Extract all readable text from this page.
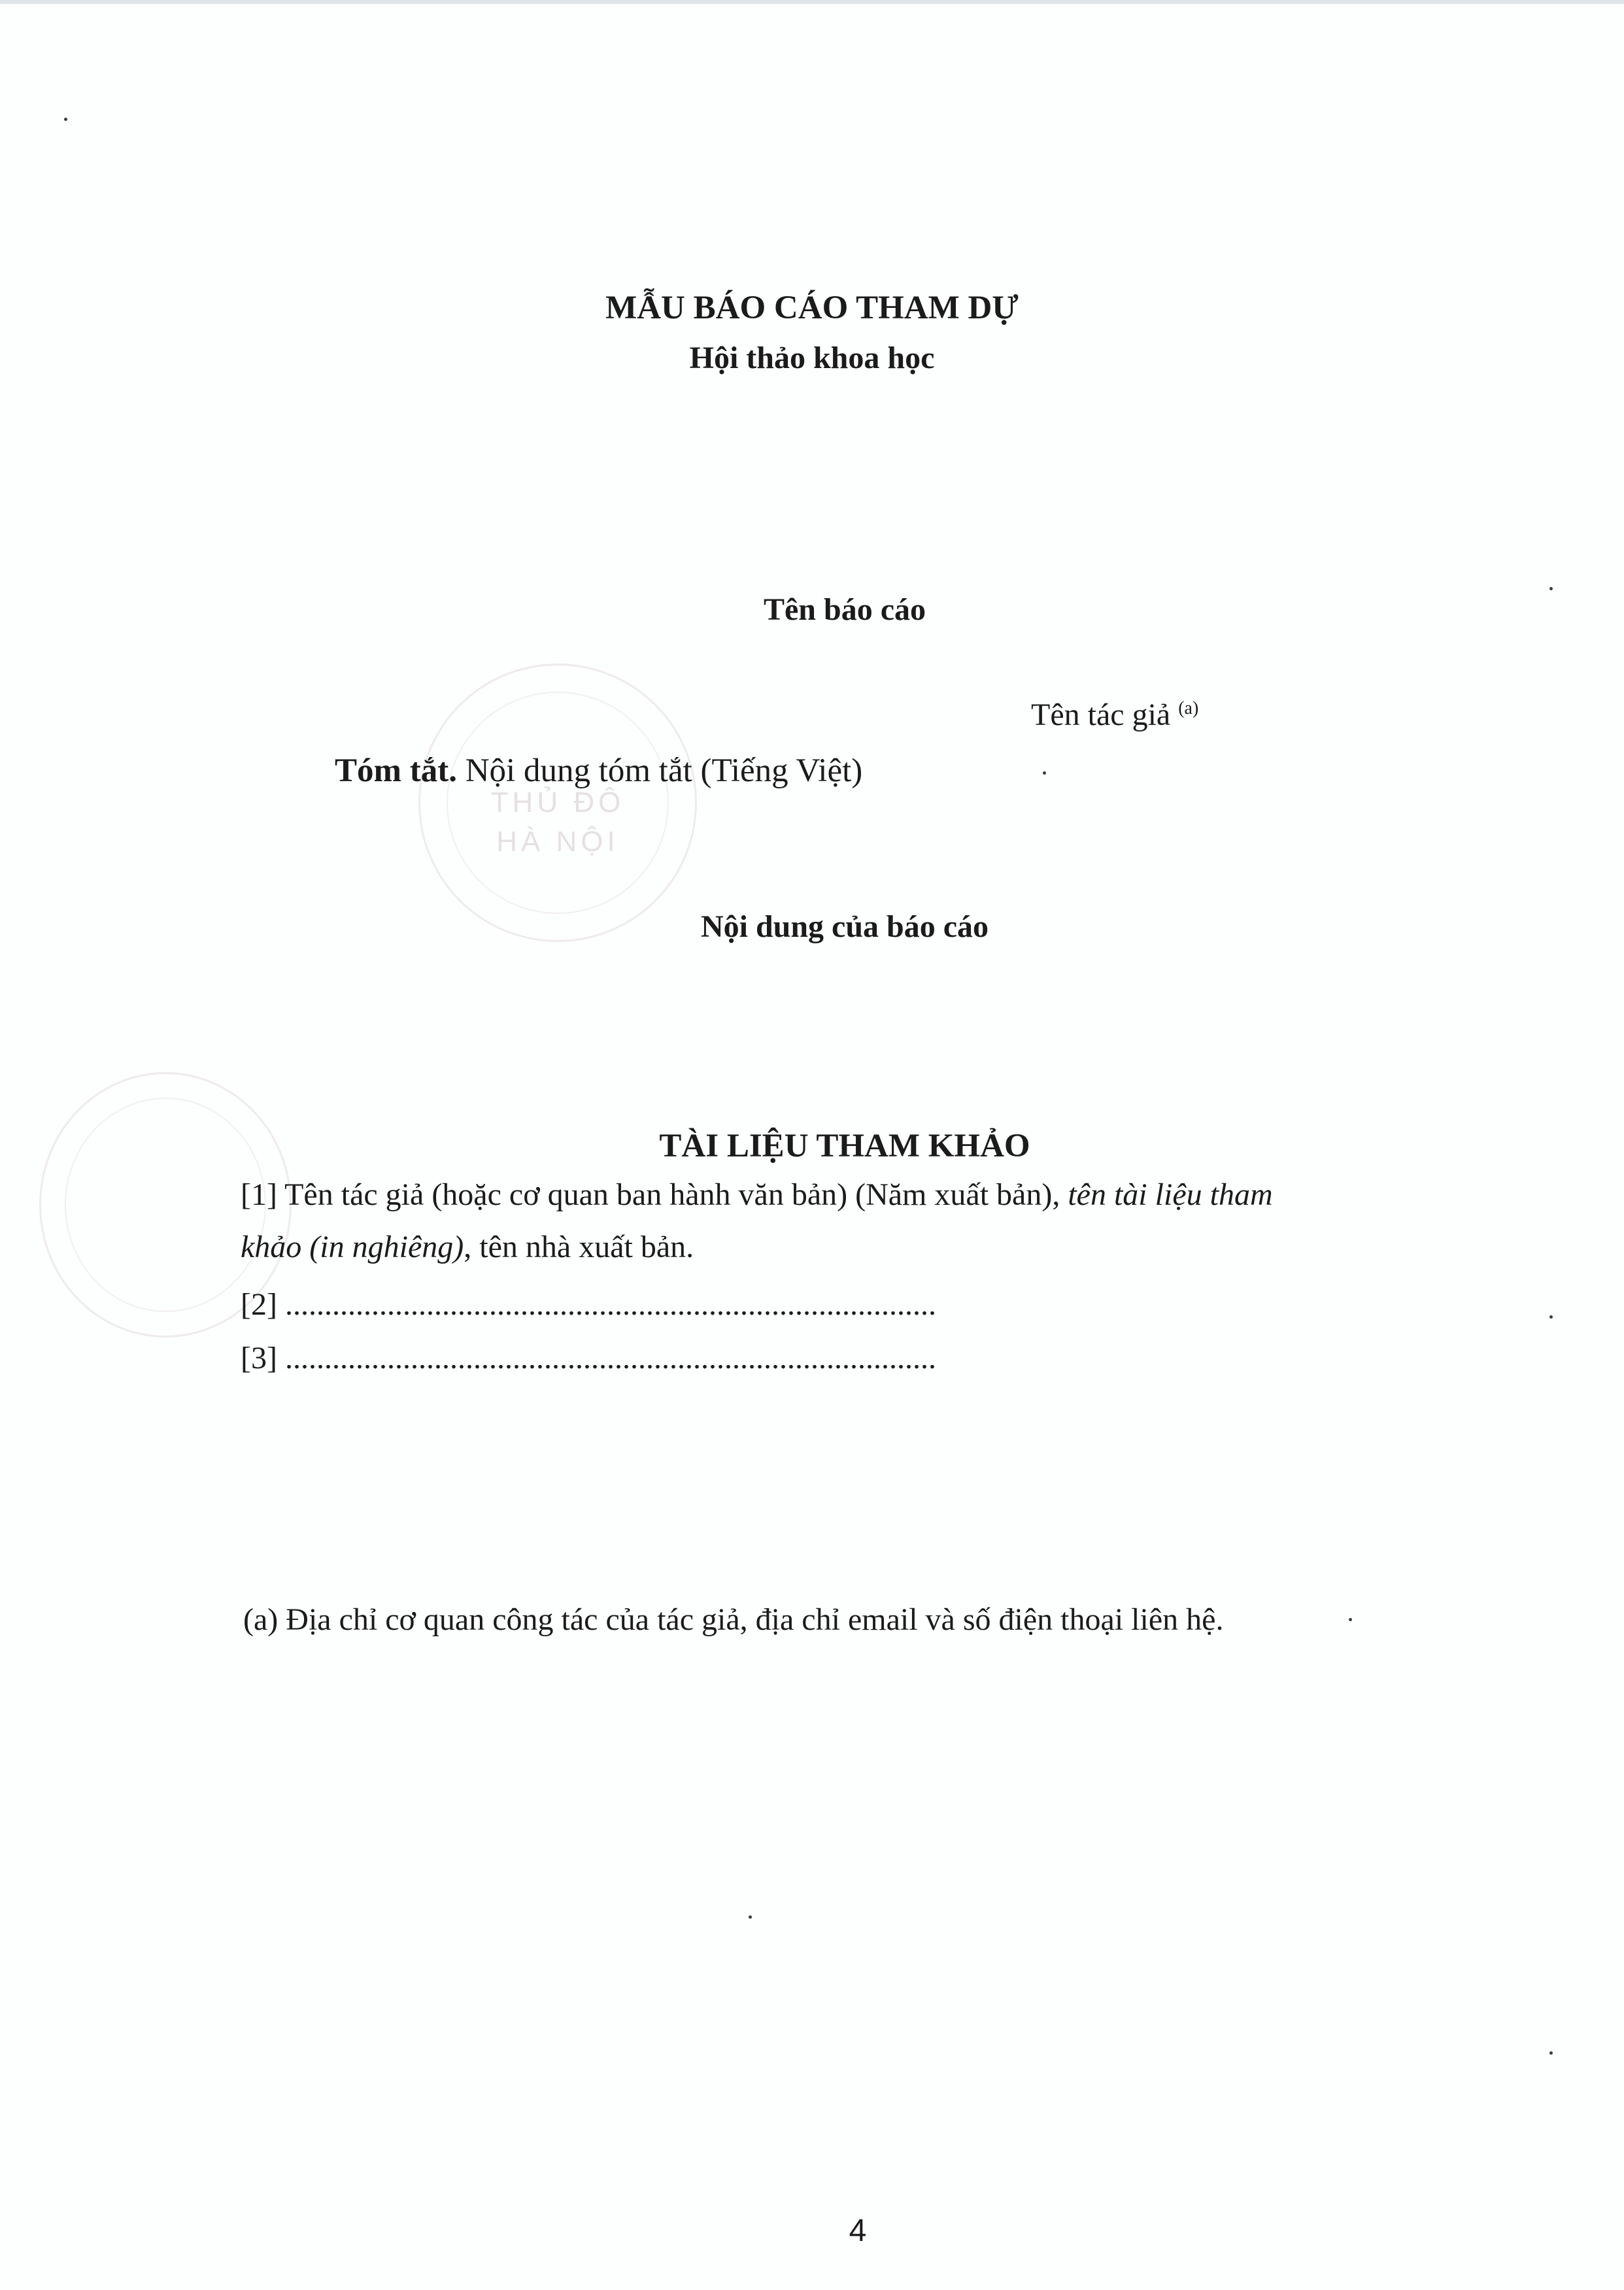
THỦ ĐÔ
HÀ NỘI
MẪU BÁO CÁO THAM DỰ
Hội thảo khoa học
Tên báo cáo
Tên tác giả $^{(a)}$
Tóm tắt. Nội dung tóm tắt (Tiếng Việt)
Nội dung của báo cáo
TÀI LIỆU THAM KHẢO
[1] Tên tác giả (hoặc cơ quan ban hành văn bản) (Năm xuất bản), tên tài liệu tham
khảo (in nghiêng), tên nhà xuất bản.
[2] ...................................................................................
[3] ...................................................................................
(a) Địa chỉ cơ quan công tác của tác giả, địa chỉ email và số điện thoại liên hệ.
4
